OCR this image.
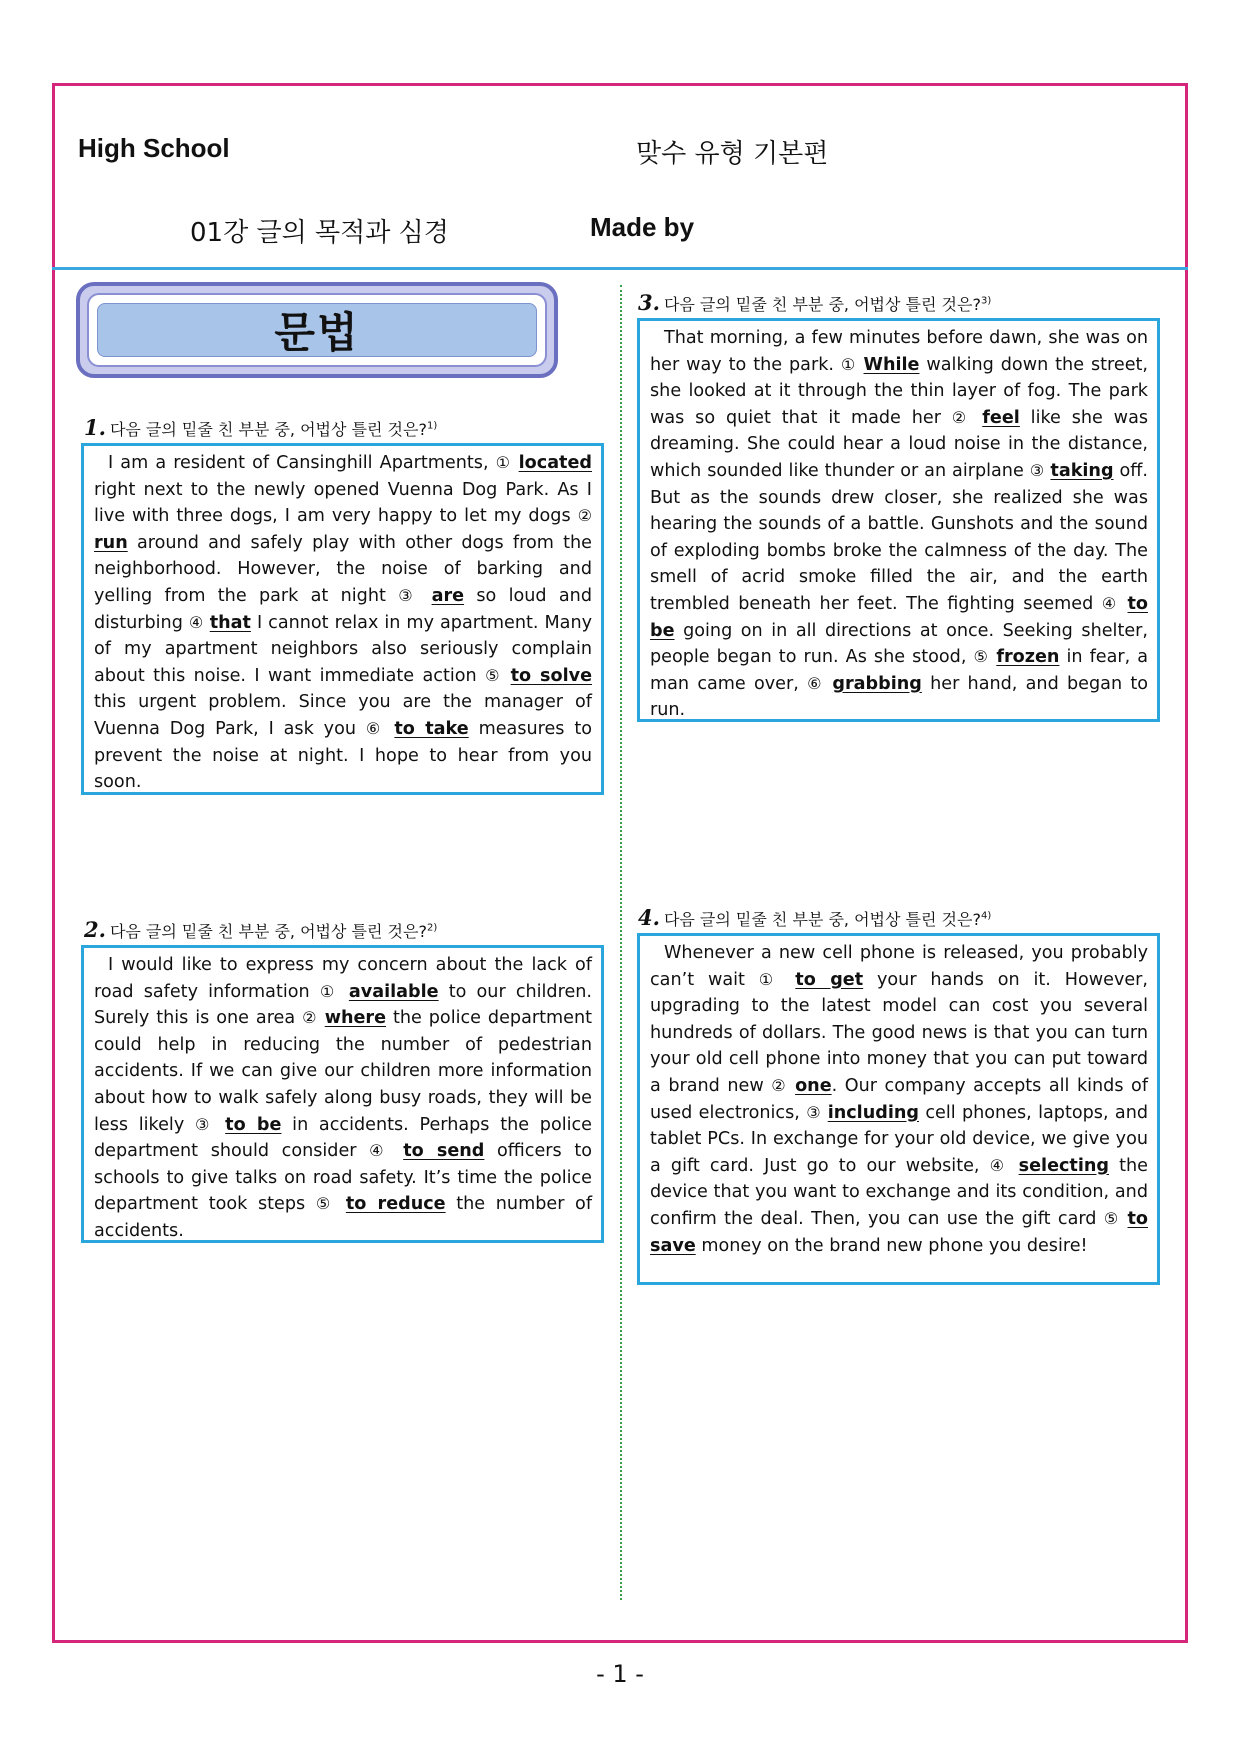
High School	맞수 유형 기본편
01강 글의 목적과 심경	Made by
문법
1. 다음 글의 밑줄 친 부분 중, 어법상 틀린 것은?$^{1)}$
I am a resident of Cansinghill Apartments, ① located right next to the newly opened Vuenna Dog Park. As I live with three dogs, I am very happy to let my dogs ② run around and safely play with other dogs from the neighborhood. However, the noise of barking and yelling from the park at night ③ are so loud and disturbing ④ that I cannot relax in my apartment. Many of my apartment neighbors also seriously complain about this noise. I want immediate action ⑤ to solve this urgent problem. Since you are the manager of Vuenna Dog Park, I ask you ⑥ to take measures to prevent the noise at night. I hope to hear from you soon.
2. 다음 글의 밑줄 친 부분 중, 어법상 틀린 것은?$^{2)}$
I would like to express my concern about the lack of road safety information ① available to our children. Surely this is one area ② where the police department could help in reducing the number of pedestrian accidents. If we can give our children more information about how to walk safely along busy roads, they will be less likely ③ to be in accidents. Perhaps the police department should consider ④ to send officers to schools to give talks on road safety. It’s time the police department took steps ⑤ to reduce the number of accidents.
3. 다음 글의 밑줄 친 부분 중, 어법상 틀린 것은?$^{3)}$
That morning, a few minutes before dawn, she was on her way to the park. ① While walking down the street, she looked at it through the thin layer of fog. The park was so quiet that it made her ② feel like she was dreaming. She could hear a loud noise in the distance, which sounded like thunder or an airplane ③ taking off. But as the sounds drew closer, she realized she was hearing the sounds of a battle. Gunshots and the sound of exploding bombs broke the calmness of the day. The smell of acrid smoke filled the air, and the earth trembled beneath her feet. The fighting seemed ④ to be going on in all directions at once. Seeking shelter, people began to run. As she stood, ⑤ frozen in fear, a man came over, ⑥ grabbing her hand, and began to run.
4. 다음 글의 밑줄 친 부분 중, 어법상 틀린 것은?$^{4)}$
Whenever a new cell phone is released, you probably can’t wait ① to get your hands on it. However, upgrading to the latest model can cost you several hundreds of dollars. The good news is that you can turn your old cell phone into money that you can put toward a brand new ② one. Our company accepts all kinds of used electronics, ③ including cell phones, laptops, and tablet PCs. In exchange for your old device, we give you a gift card. Just go to our website, ④ selecting the device that you want to exchange and its condition, and confirm the deal. Then, you can use the gift card ⑤ to save money on the brand new phone you desire!
- 1 -
